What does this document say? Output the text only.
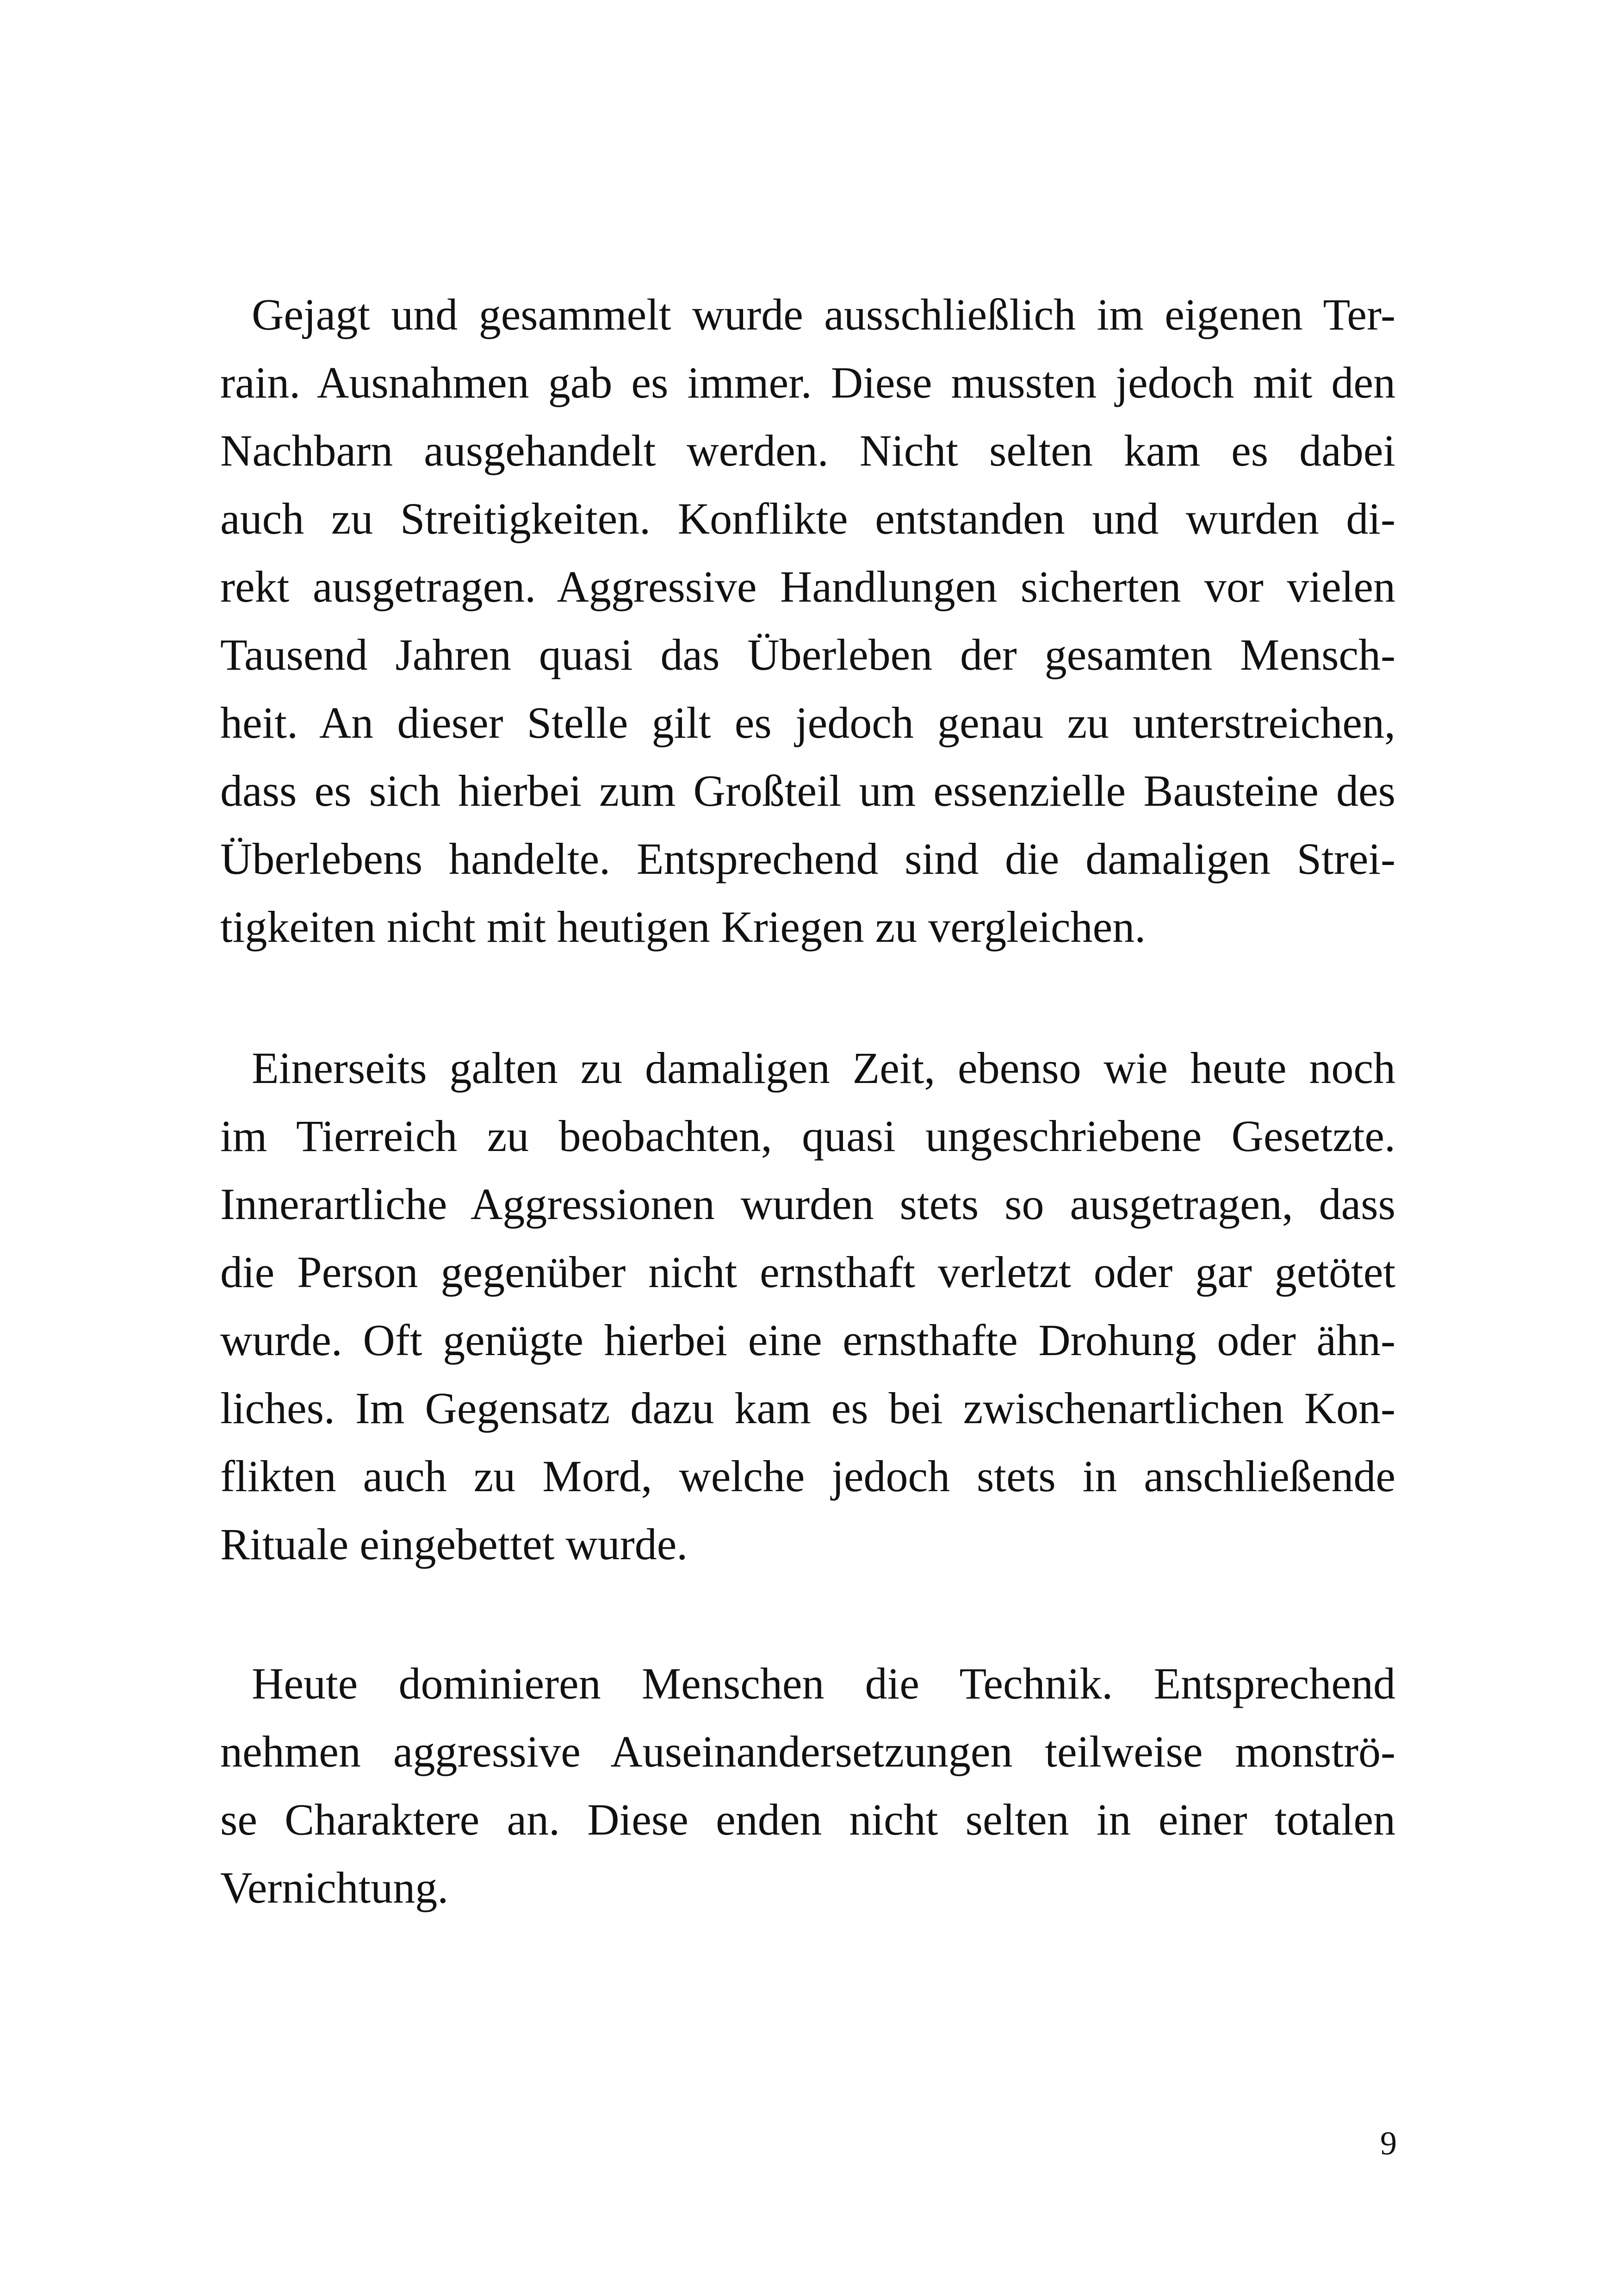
Gejagt und gesammelt wurde ausschließlich im eigenen Ter-
rain. Ausnahmen gab es immer. Diese mussten jedoch mit den
Nachbarn ausgehandelt werden. Nicht selten kam es dabei
auch zu Streitigkeiten. Konflikte entstanden und wurden di-
rekt ausgetragen. Aggressive Handlungen sicherten vor vielen
Tausend Jahren quasi das Überleben der gesamten Mensch-
heit. An dieser Stelle gilt es jedoch genau zu unterstreichen,
dass es sich hierbei zum Großteil um essenzielle Bausteine des
Überlebens handelte. Entsprechend sind die damaligen Strei-
tigkeiten nicht mit heutigen Kriegen zu vergleichen.
Einerseits galten zu damaligen Zeit, ebenso wie heute noch
im Tierreich zu beobachten, quasi ungeschriebene Gesetzte.
Innerartliche Aggressionen wurden stets so ausgetragen, dass
die Person gegenüber nicht ernsthaft verletzt oder gar getötet
wurde. Oft genügte hierbei eine ernsthafte Drohung oder ähn-
liches. Im Gegensatz dazu kam es bei zwischenartlichen Kon-
flikten auch zu Mord, welche jedoch stets in anschließende
Rituale eingebettet wurde.
Heute dominieren Menschen die Technik. Entsprechend
nehmen aggressive Auseinandersetzungen teilweise monströ-
se Charaktere an. Diese enden nicht selten in einer totalen
Vernichtung.
9
